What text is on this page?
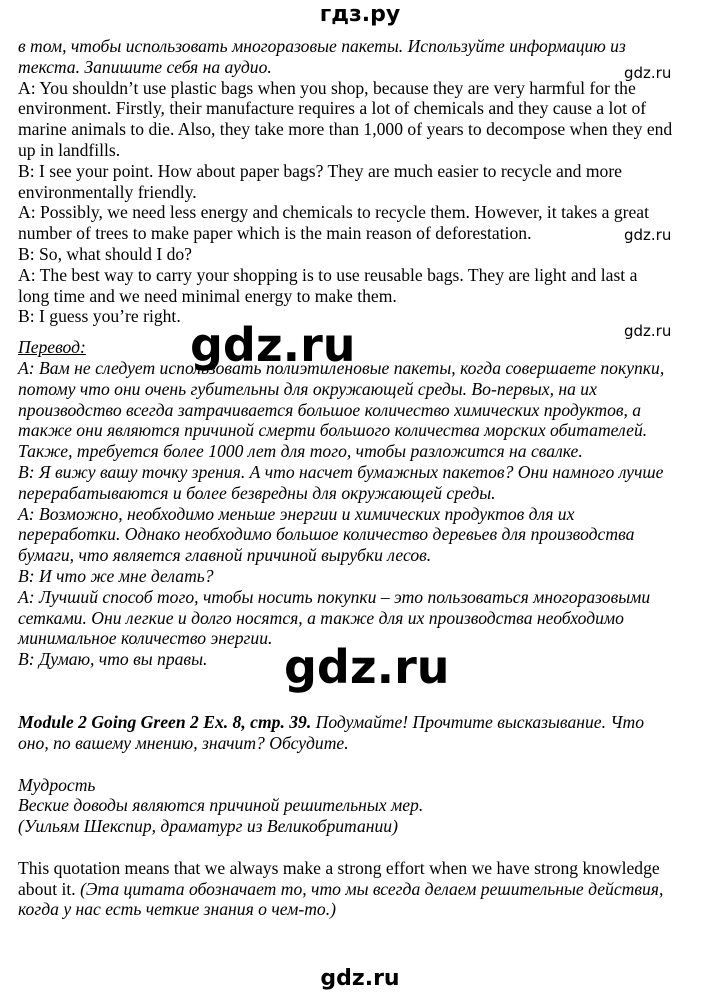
гдз.ру

в том, чтобы использовать многоразовые пакеты. Используйте информацию из

текста. Запишите себя на аудио.

A: You shouldn’t use plastic bags when you shop, because they are very harmful for the

environment. Firstly, their manufacture requires a lot of chemicals and they cause a lot of

marine animals to die. Also, they take more than 1,000 of years to decompose when they end

up in landfills.

B: I see your point. How about paper bags? They are much easier to recycle and more

environmentally friendly.

A: Possibly, we need less energy and chemicals to recycle them. However, it takes a great

number of trees to make paper which is the main reason of deforestation.

B: So, what should I do?

A: The best way to carry your shopping is to use reusable bags. They are light and last a

long time and we need minimal energy to make them.

B: I guess you’re right.

Перевод:

А: Вам не следует использовать полиэтиленовые пакеты, когда совершаете покупки,

потому что они очень губительны для окружающей среды. Во-первых, на их

производство всегда затрачивается большое количество химических продуктов, а

также они являются причиной смерти большого количества морских обитателей.

Также, требуется более 1000 лет для того, чтобы разложится на свалке.

В: Я вижу вашу точку зрения. А что насчет бумажных пакетов? Они намного лучше

перерабатываются и более безвредны для окружающей среды.

А: Возможно, необходимо меньше энергии и химических продуктов для их

переработки. Однако необходимо большое количество деревьев для производства

бумаги, что является главной причиной вырубки лесов.

В: И что же мне делать?

А: Лучший способ того, чтобы носить покупки – это пользоваться многоразовыми

сетками. Они легкие и долго носятся, а также для их производства необходимо

минимальное количество энергии.

В: Думаю, что вы правы.

Module 2 Going Green 2 Ex. 8, стр. 39. Подумайте! Прочтите высказывание. Что

оно, по вашему мнению, значит? Обсудите.

Мудрость

Веские доводы являются причиной решительных мер.

(Уильям Шекспир, драматург из Великобритании)

This quotation means that we always make a strong effort when we have strong knowledge

about it. (Эта цитата обозначает то, что мы всегда делаем решительные действия,

когда у нас есть четкие знания о чем-то.)

gdz.ru
gdz.ru
gdz.ru
gdz.ru
gdz.ru
gdz.ru
